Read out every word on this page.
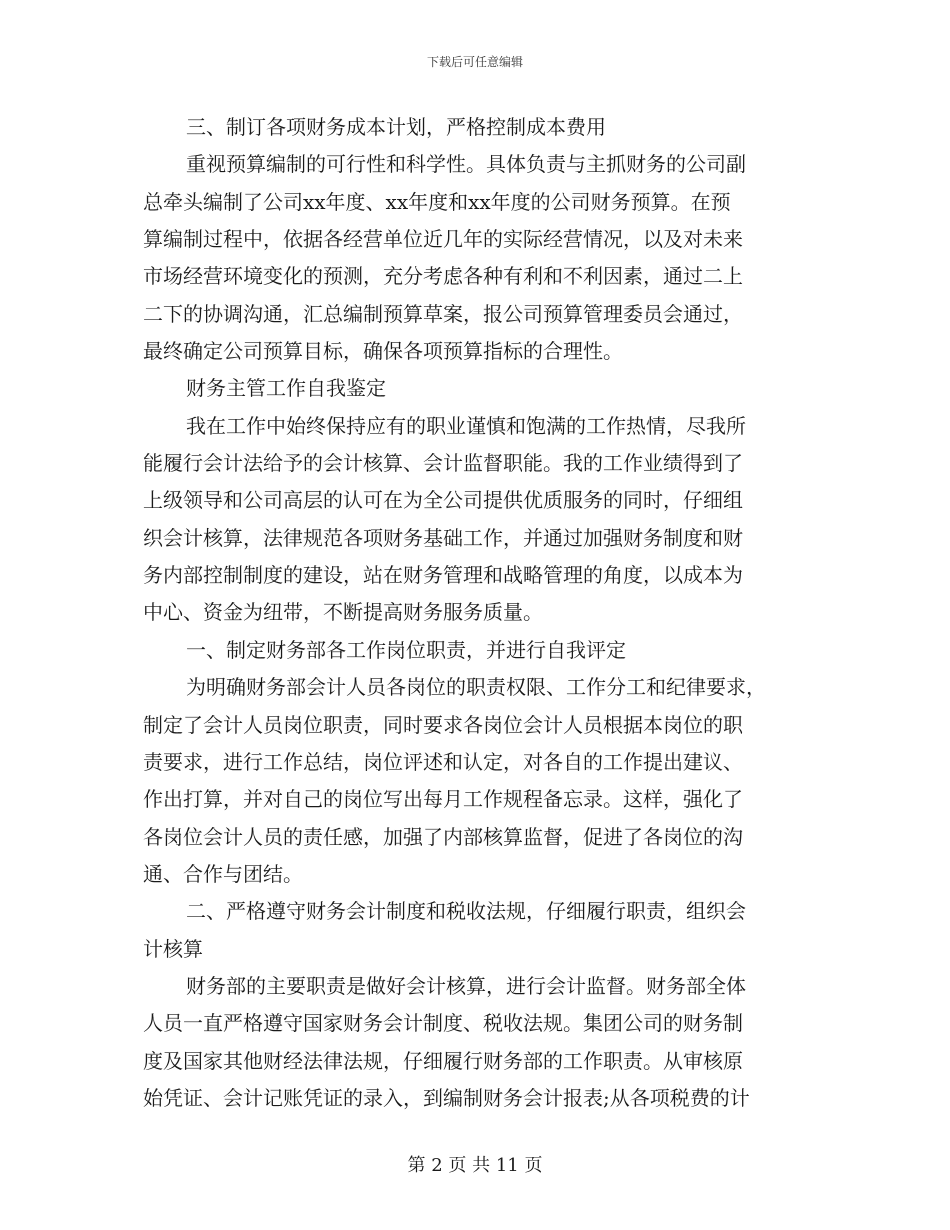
下载后可任意编辑
三、制订各项财务成本计划，严格控制成本费用
重视预算编制的可行性和科学性。具体负责与主抓财务的公司副
总牵头编制了公司xx年度、xx年度和xx年度的公司财务预算。在预
算编制过程中，依据各经营单位近几年的实际经营情况，以及对未来
市场经营环境变化的预测，充分考虑各种有利和不利因素，通过二上
二下的协调沟通，汇总编制预算草案，报公司预算管理委员会通过，
最终确定公司预算目标，确保各项预算指标的合理性。
财务主管工作自我鉴定
我在工作中始终保持应有的职业谨慎和饱满的工作热情，尽我所
能履行会计法给予的会计核算、会计监督职能。我的工作业绩得到了
上级领导和公司高层的认可在为全公司提供优质服务的同时，仔细组
织会计核算，法律规范各项财务基础工作，并通过加强财务制度和财
务内部控制制度的建设，站在财务管理和战略管理的角度，以成本为
中心、资金为纽带，不断提高财务服务质量。
一、制定财务部各工作岗位职责，并进行自我评定
为明确财务部会计人员各岗位的职责权限、工作分工和纪律要求，
制定了会计人员岗位职责，同时要求各岗位会计人员根据本岗位的职
责要求，进行工作总结，岗位评述和认定，对各自的工作提出建议、
作出打算，并对自己的岗位写出每月工作规程备忘录。这样，强化了
各岗位会计人员的责任感，加强了内部核算监督，促进了各岗位的沟
通、合作与团结。
二、严格遵守财务会计制度和税收法规，仔细履行职责，组织会
计核算
财务部的主要职责是做好会计核算，进行会计监督。财务部全体
人员一直严格遵守国家财务会计制度、税收法规。集团公司的财务制
度及国家其他财经法律法规，仔细履行财务部的工作职责。从审核原
始凭证、会计记账凭证的录入，到编制财务会计报表;从各项税费的计
第 2 页 共 11 页
